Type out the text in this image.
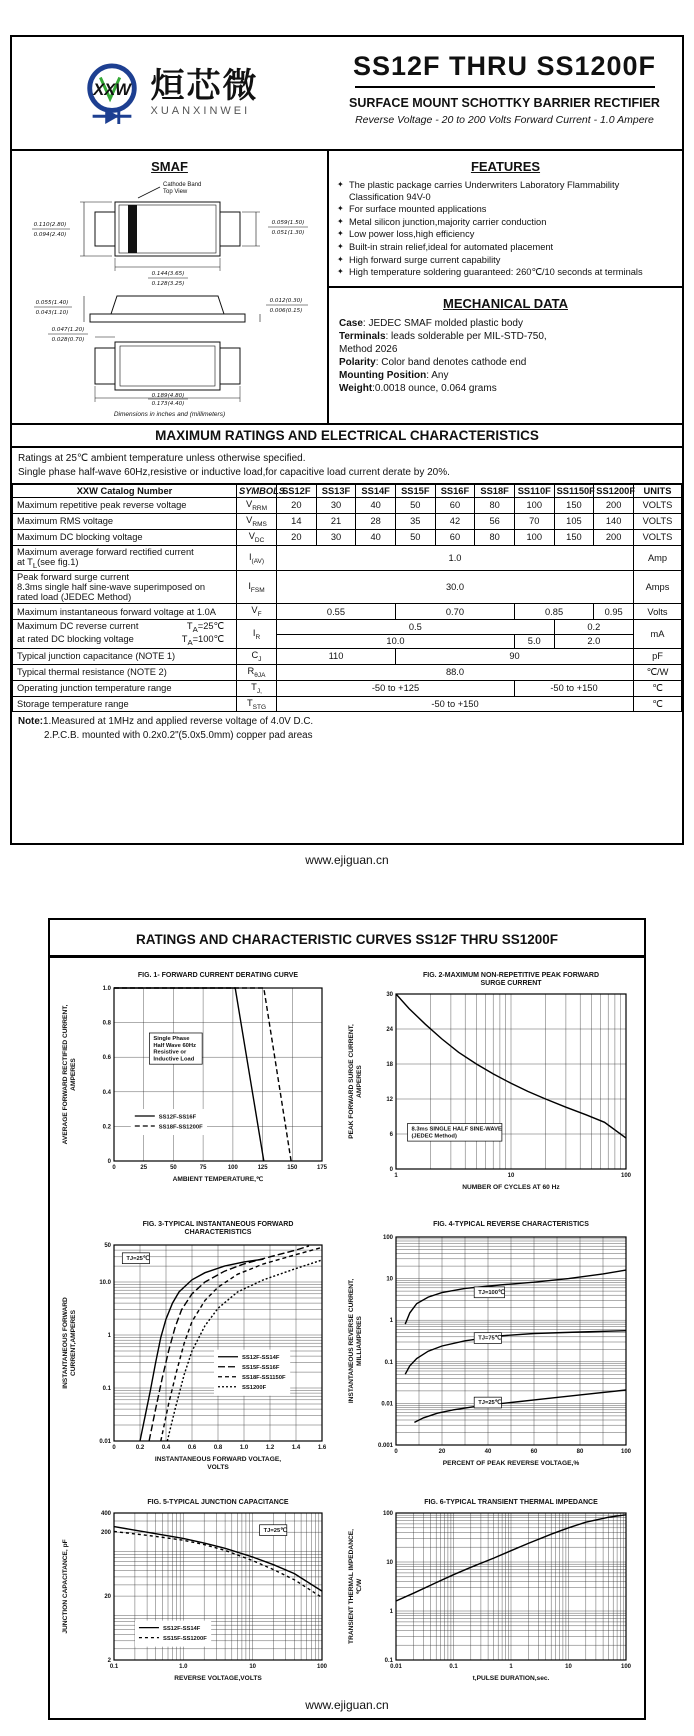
XXW 烜芯微
XUANXINWEI
SS12F THRU SS1200F
SURFACE MOUNT SCHOTTKY BARRIER RECTIFIER
Reverse Voltage - 20 to 200 Volts Forward Current - 1.0 Ampere
SMAF
Cathode Band
Top View
0.110(2.80)
0.094(2.40)
0.059(1.50)
0.051(1.30)
0.144(3.65)
0.128(3.25)
0.055(1.40)
0.043(1.10)
0.012(0.30)
0.006(0.15)
0.047(1.20)
0.028(0.70)
0.189(4.80)
0.173(4.40)
Dimensions in inches and (millimeters)
FEATURES
✦ The plastic package carries Underwriters Laboratory Flammability Classification 94V-0
✦ For surface mounted applications
✦ Metal silicon junction,majority carrier conduction
✦ Low power loss,high efficiency
✦ Built-in strain relief,ideal for automated placement
✦ High forward surge current capability
✦ High temperature soldering guaranteed: 260℃/10 seconds at terminals
MECHANICAL DATA
Case: JEDEC SMAF molded plastic body
Terminals: leads solderable per MIL-STD-750,
Method 2026
Polarity: Color band denotes cathode end
Mounting Position: Any
Weight:0.0018 ounce, 0.064 grams
MAXIMUM RATINGS AND ELECTRICAL CHARACTERISTICS
Ratings at 25℃ ambient temperature unless otherwise specified.
Single phase half-wave 60Hz,resistive or inductive load,for capacitive load current derate by 20%.
XXW Catalog Number	SYMBOLS	SS12F	SS13F	SS14F	SS15F	SS16F	SS18F	SS110F	SS1150F	SS1200F	UNITS
Maximum repetitive peak reverse voltage	$V_{RRM}$	20	30	40	50	60	80	100	150	200	VOLTS
Maximum RMS voltage	$V_{RMS}$	14	21	28	35	42	56	70	105	140	VOLTS
Maximum DC blocking voltage	$V_{DC}$	20	30	40	50	60	80	100	150	200	VOLTS

Maximum average forward rectified current
at $T_L(see$ fig.1)	$I_{(AV)}$	1.0									Amp

Peak forward surge current
8.3ms single half sine-wave superimposed on
rated load (JEDEC Method)	$I_{FSM}$	30.0									Amps
Maximum instantaneous forward voltage at 1.0A	$V_F$	0.55			0.70			0.85		0.95	Volts

Maximum DC reverse current $T_A=25℃$
at rated DC blocking voltage $T_A=100℃$	$I_R$	0.5							0.2		mA
		10.0						5.0	2.0		
Typical junction capacitance (NOTE 1)	$C_J$	110			90						pF
Typical thermal resistance (NOTE 2)	$R_{\theta JA}$	88.0									℃/W
Operating junction temperature range	$T_{J,}$	-50 to +125						-50 to +150			℃
Storage temperature range	$T_{STG}$	-50 to +150									℃
Note:1.Measured at 1MHz and applied reverse voltage of 4.0V D.C.
2.P.C.B. mounted with 0.2x0.2"(5.0x5.0mm) copper pad areas
www.ejiguan.cn
RATINGS AND CHARACTERISTIC CURVES SS12F THRU SS1200F
0	25	50	75	100	125	150	175
0
0.2
0.4
0.6
0.8
1.0
FIG. 1- FORWARD CURRENT DERATING CURVE
AMBIENT TEMPERATURE,℃
AVERAGE FORWARD RECTIFIED CURRENT, AMPERES
Single Phase
Half Wave 60Hz
Resistive or
Inductive Load
SS12F-SS16F
SS18F-SS1200F
1	10	100
0
6
12
18
24
30
FIG. 2-MAXIMUM NON-REPETITIVE PEAK FORWARD
SURGE CURRENT
NUMBER OF CYCLES AT 60 Hz
PEAK FORWARD SURGE CURRENT, AMPERES
8.3ms SINGLE HALF SINE-WAVE
(JEDEC Method)
0	0.2	0.4	0.6	0.8	1.0	1.2	1.4	1.6
0.01
0.1
1
10.0
50
FIG. 3-TYPICAL INSTANTANEOUS FORWARD
CHARACTERISTICS
INSTANTANEOUS FORWARD VOLTAGE,
VOLTS
INSTANTANEOUS FORWARD CURRENT,AMPERES
TJ=25℃
SS12F-SS14F
SS15F-SS16F
SS18F-SS1150F
SS1200F
0	20	40	60	80	100
0.001
0.01
0.1
1
10
100
FIG. 4-TYPICAL REVERSE CHARACTERISTICS
PERCENT OF PEAK REVERSE VOLTAGE,%
INSTANTANEOUS REVERSE CURRENT, MILLIAMPERES
TJ=100℃
TJ=75℃
TJ=25℃
0.1	1.0	10	100
2
20
200
400
FIG. 5-TYPICAL JUNCTION CAPACITANCE
REVERSE VOLTAGE,VOLTS
JUNCTION CAPACITANCE, pF
TJ=25℃
SS12F-SS14F
SS15F-SS1200F
0.01	0.1	1	10	100
0.1
1
10
100
FIG. 6-TYPICAL TRANSIENT THERMAL IMPEDANCE
t,PULSE DURATION,sec.
TRANSIENT THERMAL IMPEDANCE, ℃/W
www.ejiguan.cn
